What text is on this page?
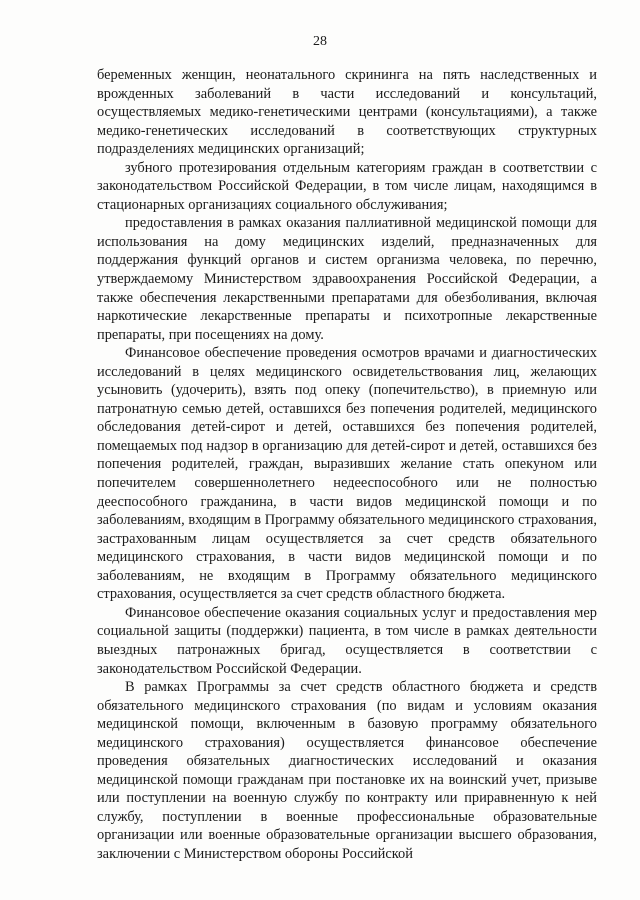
28

беременных женщин, неонатального скрининга на пять наследственных и врожденных заболеваний в части исследований и консультаций, осуществляемых медико-генетическими центрами (консультациями), а также медико-генетических исследований в соответствующих структурных подразделениях медицинских организаций;

зубного протезирования отдельным категориям граждан в соответствии с законодательством Российской Федерации, в том числе лицам, находящимся в стационарных организациях социального обслуживания;

предоставления в рамках оказания паллиативной медицинской помощи для использования на дому медицинских изделий, предназначенных для поддержания функций органов и систем организма человека, по перечню, утверждаемому Министерством здравоохранения Российской Федерации, а также обеспечения лекарственными препаратами для обезболивания, включая наркотические лекарственные препараты и психотропные лекарственные препараты, при посещениях на дому.

Финансовое обеспечение проведения осмотров врачами и диагностических исследований в целях медицинского освидетельствования лиц, желающих усыновить (удочерить), взять под опеку (попечительство), в приемную или патронатную семью детей, оставшихся без попечения родителей, медицинского обследования детей-сирот и детей, оставшихся без попечения родителей, помещаемых под надзор в организацию для детей-сирот и детей, оставшихся без попечения родителей, граждан, выразивших желание стать опекуном или попечителем совершеннолетнего недееспособного или не полностью дееспособного гражданина, в части видов медицинской помощи и по заболеваниям, входящим в Программу обязательного медицинского страхования, застрахованным лицам осуществляется за счет средств обязательного медицинского страхования, в части видов медицинской помощи и по заболеваниям, не входящим в Программу обязательного медицинского страхования, осуществляется за счет средств областного бюджета.

Финансовое обеспечение оказания социальных услуг и предоставления мер социальной защиты (поддержки) пациента, в том числе в рамках деятельности выездных патронажных бригад, осуществляется в соответствии с законодательством Российской Федерации.

В рамках Программы за счет средств областного бюджета и средств обязательного медицинского страхования (по видам и условиям оказания медицинской помощи, включенным в базовую программу обязательного медицинского страхования) осуществляется финансовое обеспечение проведения обязательных диагностических исследований и оказания медицинской помощи гражданам при постановке их на воинский учет, призыве или поступлении на военную службу по контракту или приравненную к ней службу, поступлении в военные профессиональные образовательные организации или военные образовательные организации высшего образования, заключении с Министерством обороны Российской
